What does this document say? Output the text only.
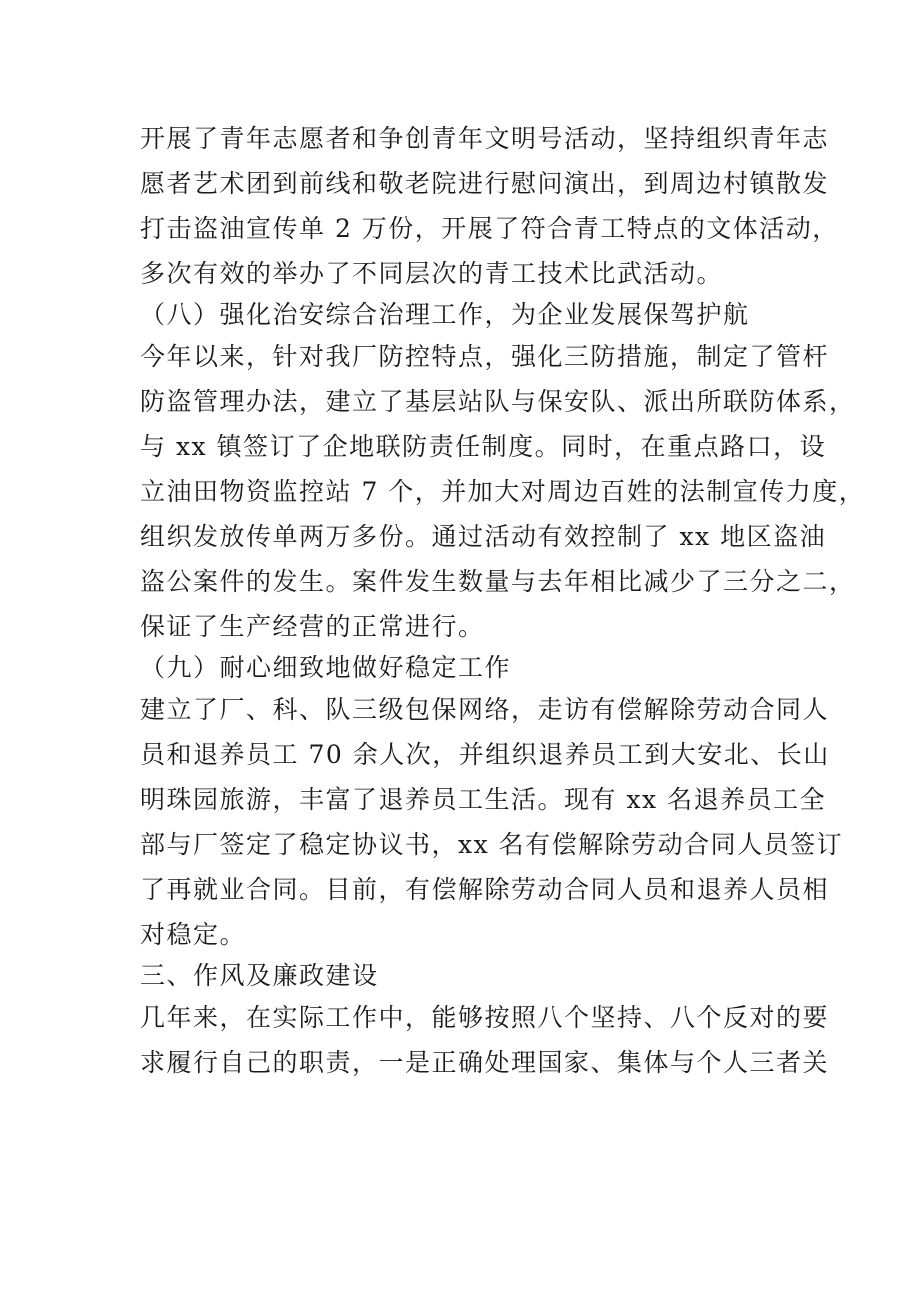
开展了青年志愿者和争创青年文明号活动，坚持组织青年志

愿者艺术团到前线和敬老院进行慰问演出，到周边村镇散发

打击盗油宣传单 2 万份，开展了符合青工特点的文体活动，

多次有效的举办了不同层次的青工技术比武活动。

（八）强化治安综合治理工作，为企业发展保驾护航

今年以来，针对我厂防控特点，强化三防措施，制定了管杆

防盗管理办法，建立了基层站队与保安队、派出所联防体系，

与 xx 镇签订了企地联防责任制度。同时，在重点路口，设

立油田物资监控站 7 个，并加大对周边百姓的法制宣传力度，

组织发放传单两万多份。通过活动有效控制了 xx 地区盗油

盗公案件的发生。案件发生数量与去年相比减少了三分之二，

保证了生产经营的正常进行。

（九）耐心细致地做好稳定工作

建立了厂、科、队三级包保网络，走访有偿解除劳动合同人

员和退养员工 70 余人次，并组织退养员工到大安北、长山

明珠园旅游，丰富了退养员工生活。现有 xx 名退养员工全

部与厂签定了稳定协议书，xx 名有偿解除劳动合同人员签订

了再就业合同。目前，有偿解除劳动合同人员和退养人员相

对稳定。

三、作风及廉政建设

几年来，在实际工作中，能够按照八个坚持、八个反对的要

求履行自己的职责，一是正确处理国家、集体与个人三者关
